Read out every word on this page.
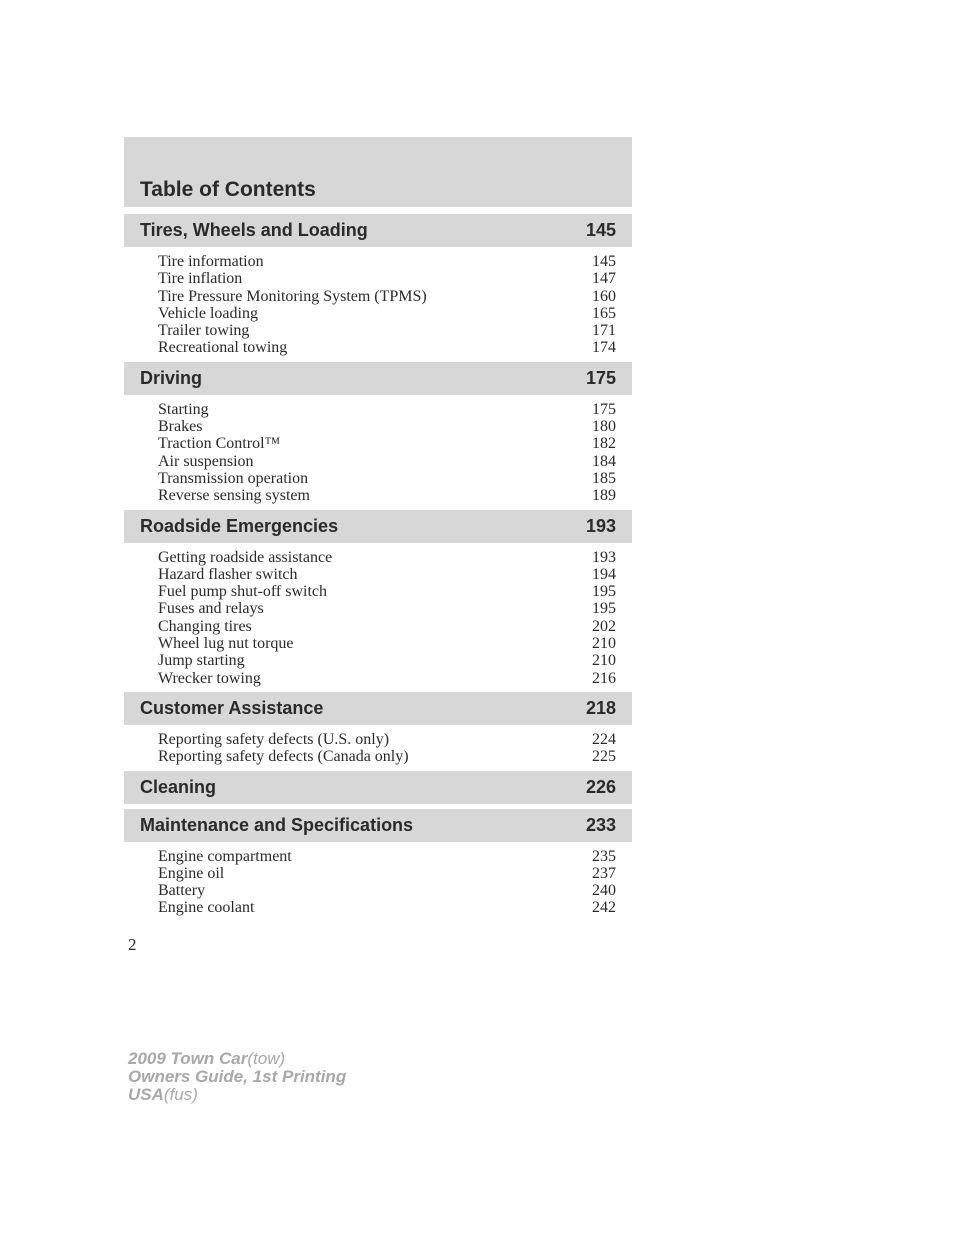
Table of Contents
Tires, Wheels and Loading	145
Tire information	145
Tire inflation	147
Tire Pressure Monitoring System (TPMS)	160
Vehicle loading	165
Trailer towing	171
Recreational towing	174
Driving	175
Starting	175
Brakes	180
Traction Control™	182
Air suspension	184
Transmission operation	185
Reverse sensing system	189
Roadside Emergencies	193
Getting roadside assistance	193
Hazard flasher switch	194
Fuel pump shut-off switch	195
Fuses and relays	195
Changing tires	202
Wheel lug nut torque	210
Jump starting	210
Wrecker towing	216
Customer Assistance	218
Reporting safety defects (U.S. only)	224
Reporting safety defects (Canada only)	225
Cleaning	226
Maintenance and Specifications	233
Engine compartment	235
Engine oil	237
Battery	240
Engine coolant	242
2
2009 Town Car(tow)
Owners Guide, 1st Printing
USA(fus)
